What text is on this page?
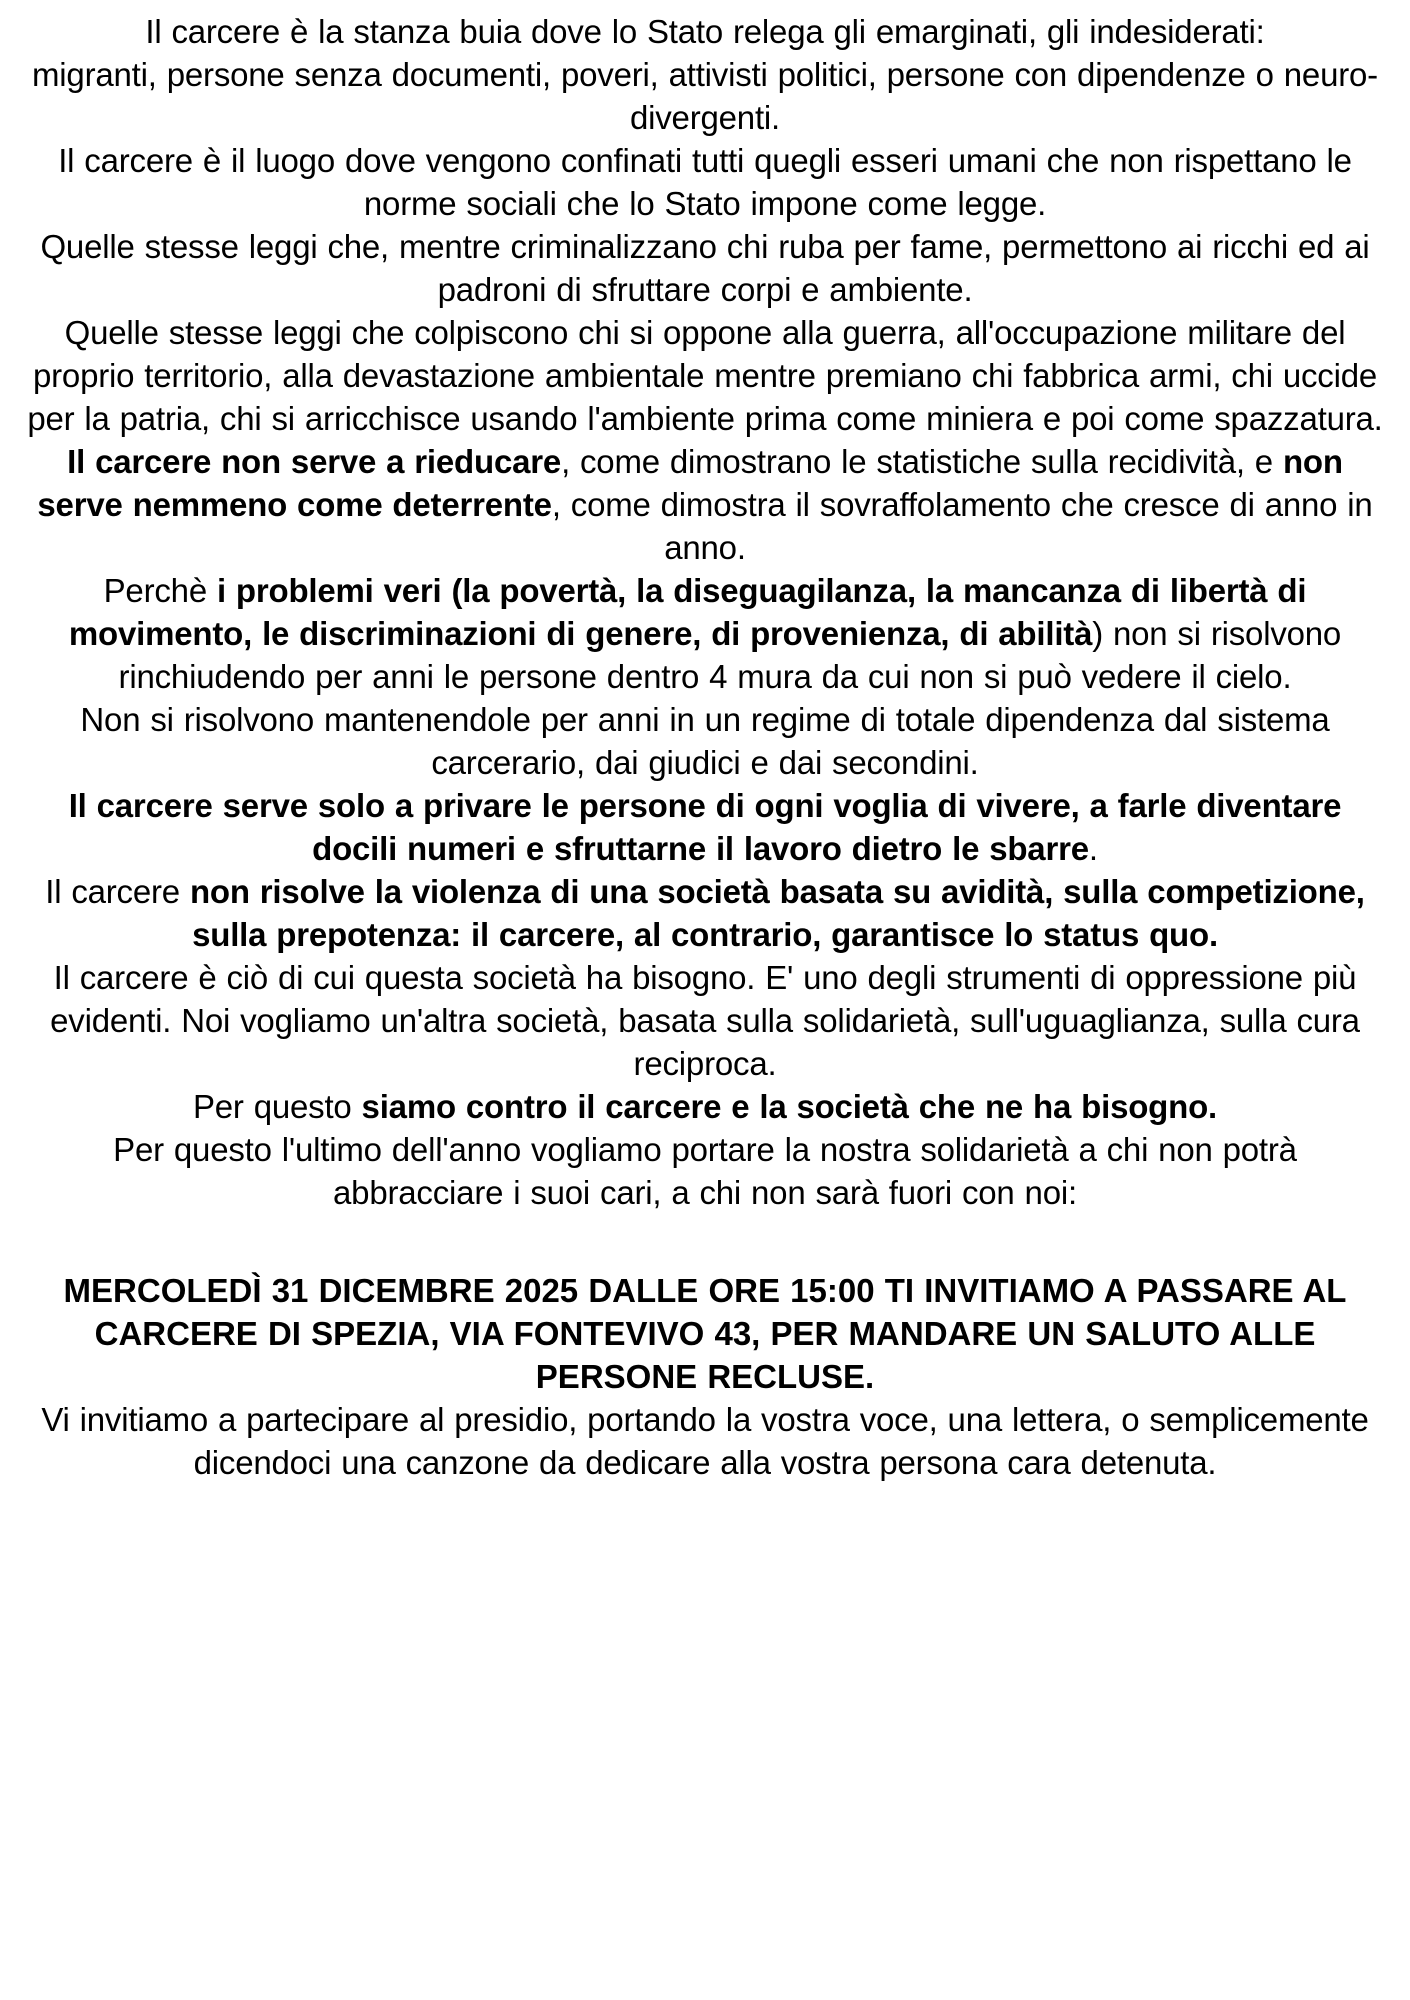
Il carcere è la stanza buia dove lo Stato relega gli emarginati, gli indesiderati:

migranti, persone senza documenti, poveri, attivisti politici, persone con dipendenze o neuro-divergenti.

Il carcere è il luogo dove vengono confinati tutti quegli esseri umani che non rispettano le norme sociali che lo Stato impone come legge.

Quelle stesse leggi che, mentre criminalizzano chi ruba per fame, permettono ai ricchi ed ai padroni di sfruttare corpi e ambiente.

Quelle stesse leggi che colpiscono chi si oppone alla guerra, all'occupazione militare del proprio territorio, alla devastazione ambientale mentre premiano chi fabbrica armi, chi uccide per la patria, chi si arricchisce usando l'ambiente prima come miniera e poi come spazzatura.

Il carcere non serve a rieducare, come dimostrano le statistiche sulla recidività, e non serve nemmeno come deterrente, come dimostra il sovraffolamento che cresce di anno in anno.

Perchè i problemi veri (la povertà, la diseguagilanza, la mancanza di libertà di movimento, le discriminazioni di genere, di provenienza, di abilità) non si risolvono rinchiudendo per anni le persone dentro 4 mura da cui non si può vedere il cielo.

Non si risolvono mantenendole per anni in un regime di totale dipendenza dal sistema carcerario, dai giudici e dai secondini.

Il carcere serve solo a privare le persone di ogni voglia di vivere, a farle diventare docili numeri e sfruttarne il lavoro dietro le sbarre.

Il carcere non risolve la violenza di una società basata su avidità, sulla competizione, sulla prepotenza: il carcere, al contrario, garantisce lo status quo.

Il carcere è ciò di cui questa società ha bisogno. E' uno degli strumenti di oppressione più evidenti. Noi vogliamo un'altra società, basata sulla solidarietà, sull'uguaglianza, sulla cura reciproca.

Per questo siamo contro il carcere e la società che ne ha bisogno.

Per questo l'ultimo dell'anno vogliamo portare la nostra solidarietà a chi non potrà abbracciare i suoi cari, a chi non sarà fuori con noi:

MERCOLEDÌ 31 DICEMBRE 2025 DALLE ORE 15:00 TI INVITIAMO A PASSARE AL CARCERE DI SPEZIA, VIA FONTEVIVO 43, PER MANDARE UN SALUTO ALLE PERSONE RECLUSE.

Vi invitiamo a partecipare al presidio, portando la vostra voce, una lettera, o semplicemente dicendoci una canzone da dedicare alla vostra persona cara detenuta.
